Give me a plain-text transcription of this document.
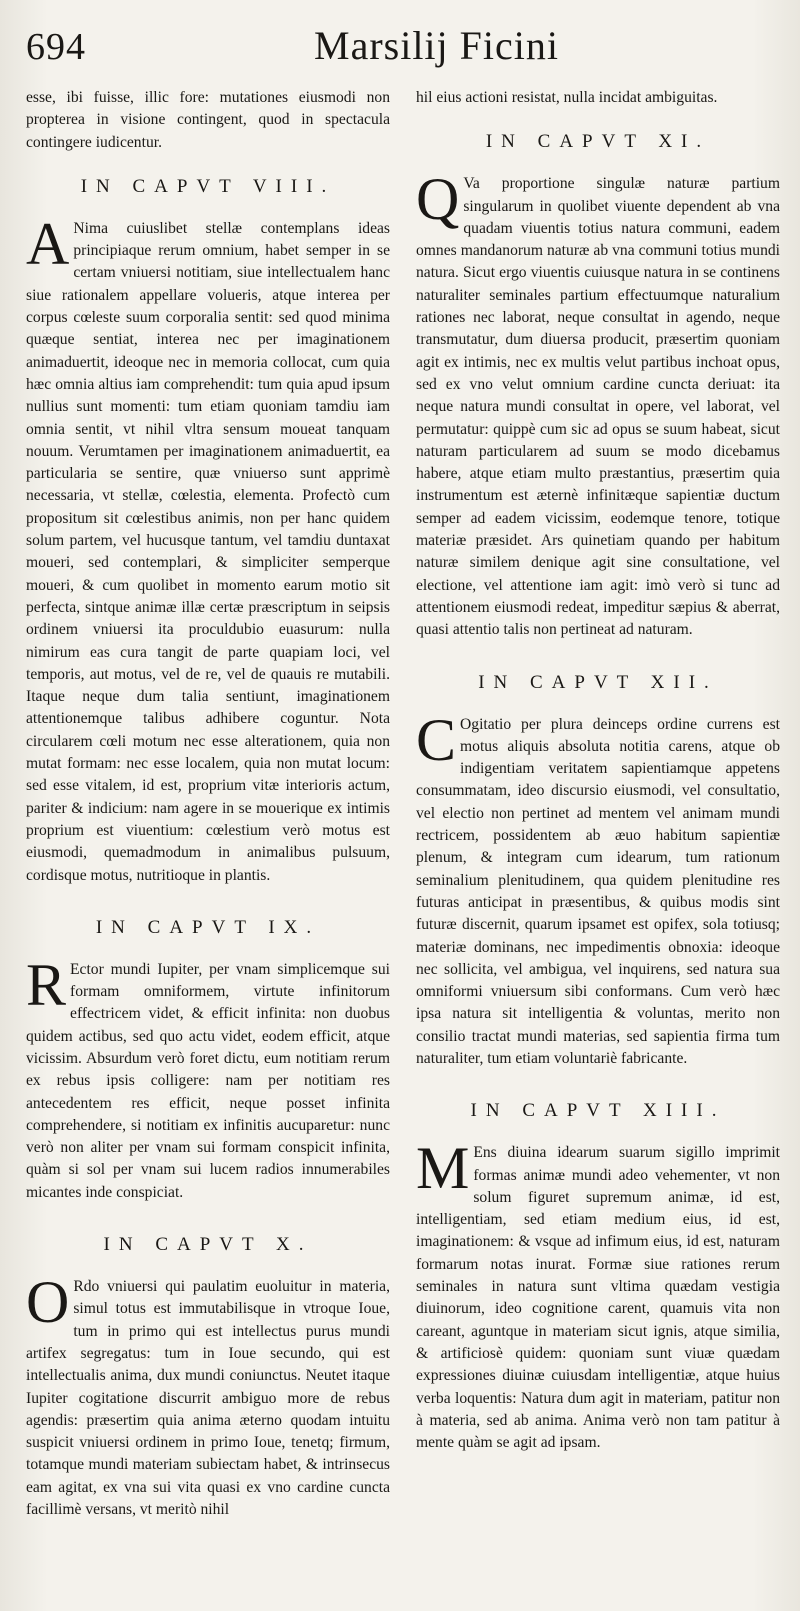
694	Marsilij Ficini

esse, ibi fuisse, illic fore: mutationes eiusmodi non propterea in visione contingent, quod in spectacula contingere iudicentur.

IN CAPVT VIII.

A Nima cuiuslibet stellæ contemplans ideas principiaque rerum omnium, habet semper in se certam vniuersi notitiam, siue intellectualem hanc siue rationalem appellare volueris, atque interea per corpus cœleste suum corporalia sentit: sed quod minima quæque sentiat, interea nec per imaginationem animaduertit, ideoque nec in memoria collocat, cum quia hæc omnia altius iam comprehendit: tum quia apud ipsum nullius sunt momenti: tum etiam quoniam tamdiu iam omnia sentit, vt nihil vltra sensum moueat tanquam nouum. Verumtamen per imaginationem animaduertit, ea particularia se sentire, quæ vniuerso sunt apprimè necessaria, vt stellæ, cœlestia, elementa. Profectò cum propositum sit cœlestibus animis, non per hanc quidem solum partem, vel hucusque tantum, vel tamdiu duntaxat moueri, sed contemplari, & simpliciter semperque moueri, & cum quolibet in momento earum motio sit perfecta, sintque animæ illæ certæ præscriptum in seipsis ordinem vniuersi ita proculdubio euasurum: nulla nimirum eas cura tangit de parte quapiam loci, vel temporis, aut motus, vel de re, vel de quauis re mutabili. Itaque neque dum talia sentiunt, imaginationem attentionemque talibus adhibere coguntur. Nota circularem cœli motum nec esse alterationem, quia non mutat formam: nec esse localem, quia non mutat locum: sed esse vitalem, id est, proprium vitæ interioris actum, pariter & indicium: nam agere in se mouerique ex intimis proprium est viuentium: cœlestium verò motus est eiusmodi, quemadmodum in animalibus pulsuum, cordisque motus, nutritioque in plantis.

IN CAPVT IX.

R Ector mundi Iupiter, per vnam simplicemque sui formam omniformem, virtute infinitorum effectricem videt, & efficit infinita: non duobus quidem actibus, sed quo actu videt, eodem efficit, atque vicissim. Absurdum verò foret dictu, eum notitiam rerum ex rebus ipsis colligere: nam per notitiam res antecedentem res efficit, neque posset infinita comprehendere, si notitiam ex infinitis aucuparetur: nunc verò non aliter per vnam sui formam conspicit infinita, quàm si sol per vnam sui lucem radios innumerabiles micantes inde conspiciat.

IN CAPVT X.

O Rdo vniuersi qui paulatim euoluitur in materia, simul totus est immutabilisque in vtroque Ioue, tum in primo qui est intellectus purus mundi artifex segregatus: tum in Ioue secundo, qui est intellectualis anima, dux mundi coniunctus. Neutet itaque Iupiter cogitatione discurrit ambiguo more de rebus agendis: præsertim quia anima æterno quodam intuitu suspicit vniuersi ordinem in primo Ioue, tenetq; firmum, totamque mundi materiam subiectam habet, & intrinsecus eam agitat, ex vna sui vita quasi ex vno cardine cuncta facillimè versans, vt meritò nihil

hil eius actioni resistat, nulla incidat ambiguitas.

IN CAPVT XI.

Q Va proportione singulæ naturæ partium singularum in quolibet viuente dependent ab vna quadam viuentis totius natura communi, eadem omnes mandanorum naturæ ab vna communi totius mundi natura. Sicut ergo viuentis cuiusque natura in se continens naturaliter seminales partium effectuumque naturalium rationes nec laborat, neque consultat in agendo, neque transmutatur, dum diuersa producit, præsertim quoniam agit ex intimis, nec ex multis velut partibus inchoat opus, sed ex vno velut omnium cardine cuncta deriuat: ita neque natura mundi consultat in opere, vel laborat, vel permutatur: quippè cum sic ad opus se suum habeat, sicut naturam particularem ad suum se modo dicebamus habere, atque etiam multo præstantius, præsertim quia instrumentum est æternè infinitæque sapientiæ ductum semper ad eadem vicissim, eodemque tenore, totique materiæ præsidet. Ars quinetiam quando per habitum naturæ similem denique agit sine consultatione, vel electione, vel attentione iam agit: imò verò si tunc ad attentionem eiusmodi redeat, impeditur sæpius & aberrat, quasi attentio talis non pertineat ad naturam.

IN CAPVT XII.

C Ogitatio per plura deinceps ordine currens est motus aliquis absoluta notitia carens, atque ob indigentiam veritatem sapientiamque appetens consummatam, ideo discursio eiusmodi, vel consultatio, vel electio non pertinet ad mentem vel animam mundi rectricem, possidentem ab æuo habitum sapientiæ plenum, & integram cum idearum, tum rationum seminalium plenitudinem, qua quidem plenitudine res futuras anticipat in præsentibus, & quibus modis sint futuræ discernit, quarum ipsamet est opifex, sola totiusq; materiæ dominans, nec impedimentis obnoxia: ideoque nec sollicita, vel ambigua, vel inquirens, sed natura sua omniformi vniuersum sibi conformans. Cum verò hæc ipsa natura sit intelligentia & voluntas, merito non consilio tractat mundi materias, sed sapientia firma tum naturaliter, tum etiam voluntariè fabricante.

IN CAPVT XIII.

M Ens diuina idearum suarum sigillo imprimit formas animæ mundi adeo vehementer, vt non solum figuret supremum animæ, id est, intelligentiam, sed etiam medium eius, id est, imaginationem: & vsque ad infimum eius, id est, naturam formarum notas inurat. Formæ siue rationes rerum seminales in natura sunt vltima quædam vestigia diuinorum, ideo cognitione carent, quamuis vita non careant, aguntque in materiam sicut ignis, atque similia, & artificiosè quidem: quoniam sunt viuæ quædam expressiones diuinæ cuiusdam intelligentiæ, atque huius verba loquentis: Natura dum agit in materiam, patitur non à materia, sed ab anima. Anima verò non tam patitur à mente quàm se agit ad ipsam.
